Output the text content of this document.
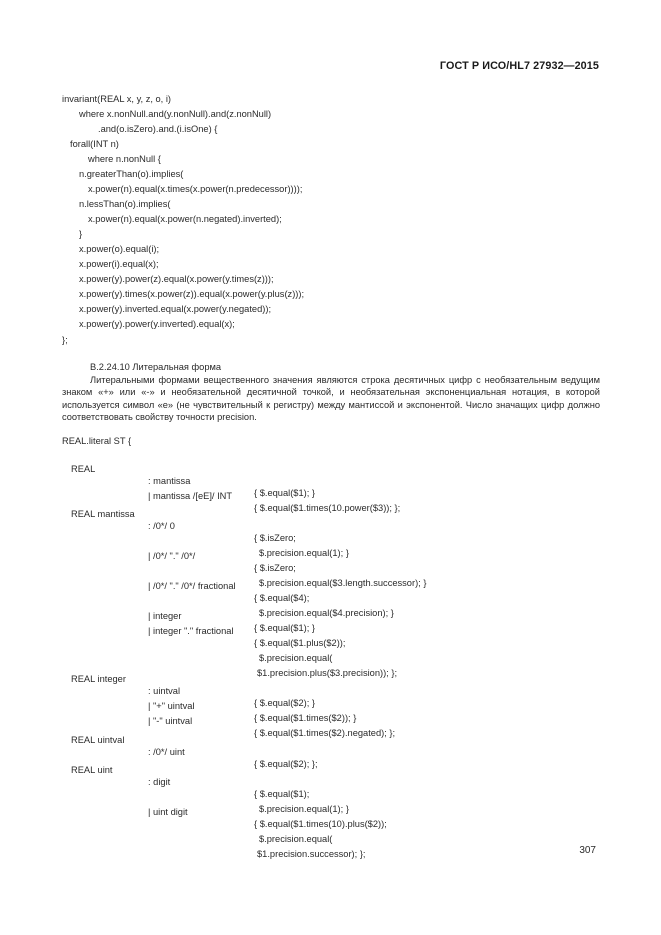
ГОСТ Р ИСО/HL7 27932—2015
invariant(REAL x, y, z, o, i)
where x.nonNull.and(y.nonNull).and(z.nonNull)
.and(o.isZero).and.(i.isOne) {
forall(INT n)
where n.nonNull {
n.greaterThan(o).implies(
x.power(n).equal(x.times(x.power(n.predecessor))));
n.lessThan(o).implies(
x.power(n).equal(x.power(n.negated).inverted);
}
x.power(o).equal(i);
x.power(i).equal(x);
x.power(y).power(z).equal(x.power(y.times(z)));
x.power(y).times(x.power(z)).equal(x.power(y.plus(z)));
x.power(y).inverted.equal(x.power(y.negated));
x.power(y).power(y.inverted).equal(x);
};
B.2.24.10 Литеральная форма
Литеральными формами вещественного значения являются строка десятичных цифр с необязательным ведущим знаком «+» или «-» и необязательной десятичной точкой, и необязательная экспоненциальная нотация, в которой используется символ «e» (не чувствительный к регистру) между мантиссой и экспонентой. Число значащих цифр должно соответствовать свойству точности precision.
REAL.literal ST {

REAL

: mantissa

{ $.equal($1); }

| mantissa /[eE]/ INT

{ $.equal($1.times(10.power($3)); };

REAL mantissa

: /0*/ 0

{ $.isZero;

$.precision.equal(1); }

| /0*/ "." /0*/

{ $.isZero;

$.precision.equal($3.length.successor); }

| /0*/ "." /0*/ fractional

{ $.equal($4);

$.precision.equal($4.precision); }

| integer

{ $.equal($1); }

| integer "." fractional

{ $.equal($1.plus($2));

$.precision.equal(

$1.precision.plus($3.precision)); };

REAL integer

: uintval

{ $.equal($2); }

| "+" uintval

{ $.equal($1.times($2)); }

| "-" uintval

{ $.equal($1.times($2).negated); };

REAL uintval

: /0*/ uint

{ $.equal($2); };

REAL uint

: digit

{ $.equal($1);

$.precision.equal(1); }

| uint digit

{ $.equal($1.times(10).plus($2));

$.precision.equal(

$1.precision.successor); };

	307
